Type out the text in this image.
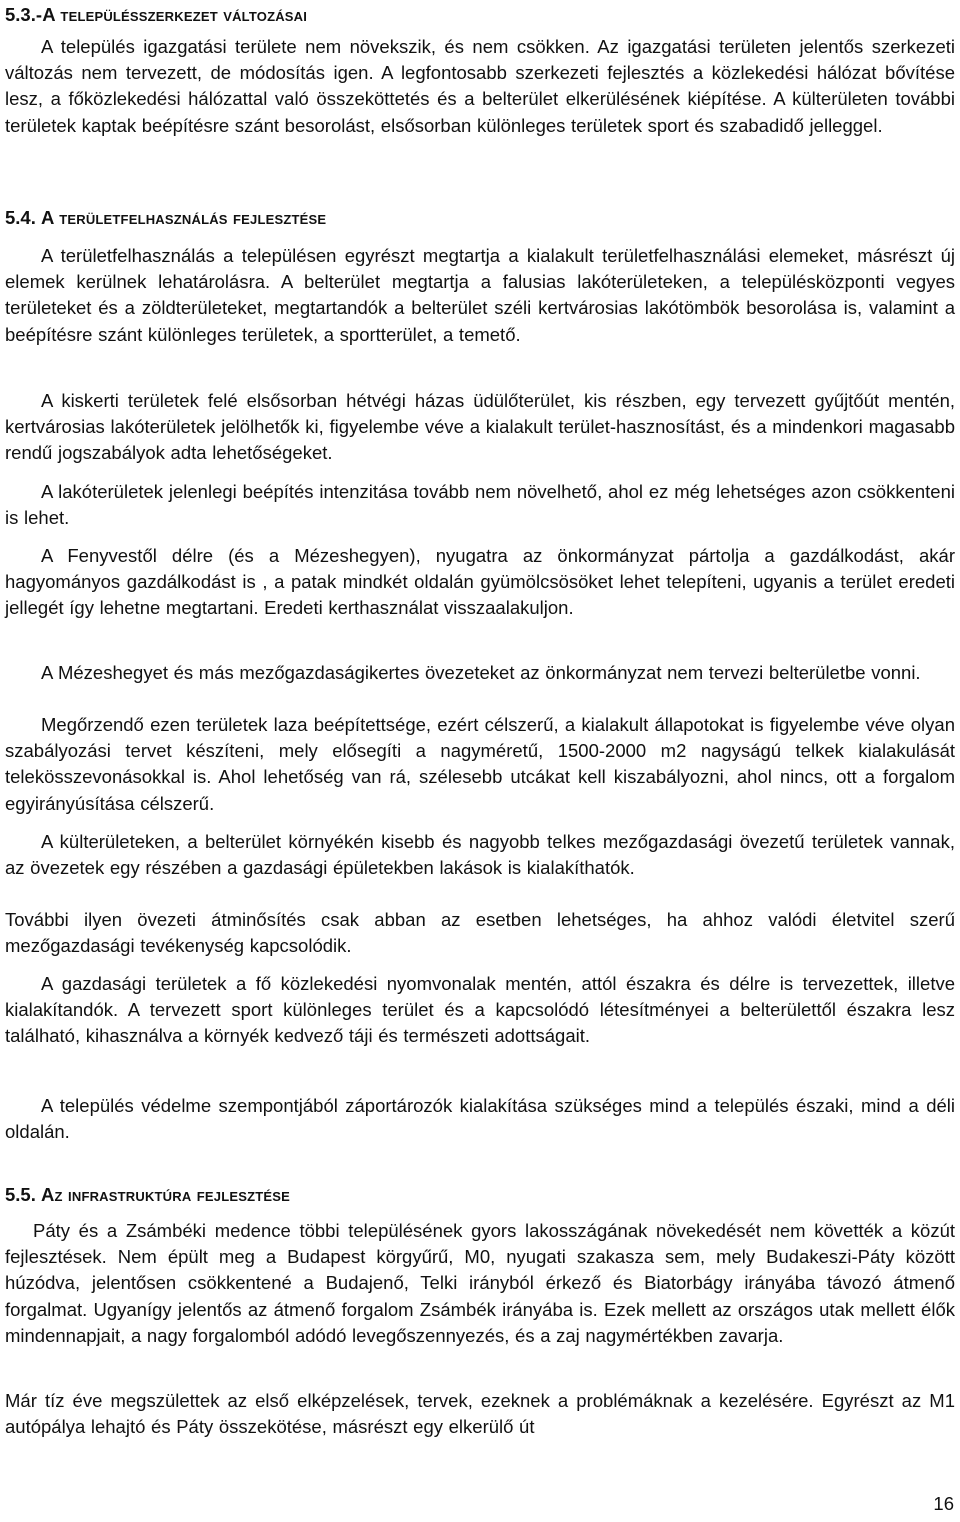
5.3.-A településszerkezet változásai
A település igazgatási területe nem növekszik, és nem csökken. Az igazgatási területen jelentős szerkezeti változás nem tervezett, de módosítás igen. A legfontosabb szerkezeti fejlesztés a közlekedési hálózat bővítése lesz, a főközlekedési hálózattal való összeköttetés és a belterület elkerülésének kiépítése. A külterületen további területek kaptak beépítésre szánt besorolást, elsősorban különleges területek sport és szabadidő jelleggel.
5.4. A területfelhasználás fejlesztése
A területfelhasználás a településen egyrészt megtartja a kialakult területfelhasználási elemeket, másrészt új elemek kerülnek lehatárolásra. A belterület megtartja a falusias lakóterületeken, a településközponti vegyes területeket és a zöldterületeket, megtartandók a belterület széli kertvárosias lakótömbök besorolása is, valamint a beépítésre szánt különleges területek, a sportterület, a temető.
A kiskerti területek felé elsősorban hétvégi házas üdülőterület, kis részben, egy tervezett gyűjtőút mentén, kertvárosias lakóterületek jelölhetők ki, figyelembe véve a kialakult terület-hasznosítást, és a mindenkori magasabb rendű jogszabályok adta lehetőségeket.
A lakóterületek jelenlegi beépítés intenzitása tovább nem növelhető, ahol ez még lehetséges azon csökkenteni is lehet.
A Fenyvestől délre (és a Mézeshegyen), nyugatra az önkormányzat pártolja a gazdálkodást, akár hagyományos gazdálkodást is , a patak mindkét oldalán gyümölcsösöket lehet telepíteni, ugyanis a terület eredeti jellegét így lehetne megtartani. Eredeti kerthasználat visszaalakuljon.
A Mézeshegyet és más mezőgazdaságikertes övezeteket az önkormányzat nem tervezi belterületbe vonni.
Megőrzendő ezen területek laza beépítettsége, ezért célszerű, a kialakult állapotokat is figyelembe véve olyan szabályozási tervet készíteni, mely elősegíti a nagyméretű, 1500-2000 m2 nagyságú telkek kialakulását telekösszevonásokkal is. Ahol lehetőség van rá, szélesebb utcákat kell kiszabályozni, ahol nincs, ott a forgalom egyirányúsítása célszerű.
A külterületeken, a belterület környékén kisebb és nagyobb telkes mezőgazdasági övezetű területek vannak, az övezetek egy részében a gazdasági épületekben lakások is kialakíthatók.
További ilyen övezeti átminősítés csak abban az esetben lehetséges, ha ahhoz valódi életvitel szerű mezőgazdasági tevékenység kapcsolódik.
A gazdasági területek a fő közlekedési nyomvonalak mentén, attól északra és délre is tervezettek, illetve kialakítandók. A tervezett sport különleges terület és a kapcsolódó létesítményei a belterülettől északra lesz található, kihasználva a környék kedvező táji és természeti adottságait.
A település védelme szempontjából záportározók kialakítása szükséges mind a település északi, mind a déli oldalán.
5.5. Az infrastruktúra fejlesztése
Páty és a Zsámbéki medence többi településének gyors lakosszágának növekedését nem követték a közút fejlesztések. Nem épült meg a Budapest körgyűrű, M0, nyugati szakasza sem, mely Budakeszi-Páty között húzódva, jelentősen csökkentené a Budajenő, Telki irányból érkező és Biatorbágy irányába távozó átmenő forgalmat. Ugyanígy jelentős az átmenő forgalom Zsámbék irányába is. Ezek mellett az országos utak mellett élők mindennapjait, a nagy forgalomból adódó levegőszennyezés, és a zaj nagymértékben zavarja.
Már tíz éve megszülettek az első elképzelések, tervek, ezeknek a problémáknak a kezelésére. Egyrészt az M1 autópálya lehajtó és Páty összekötése, másrészt egy elkerülő út
16
